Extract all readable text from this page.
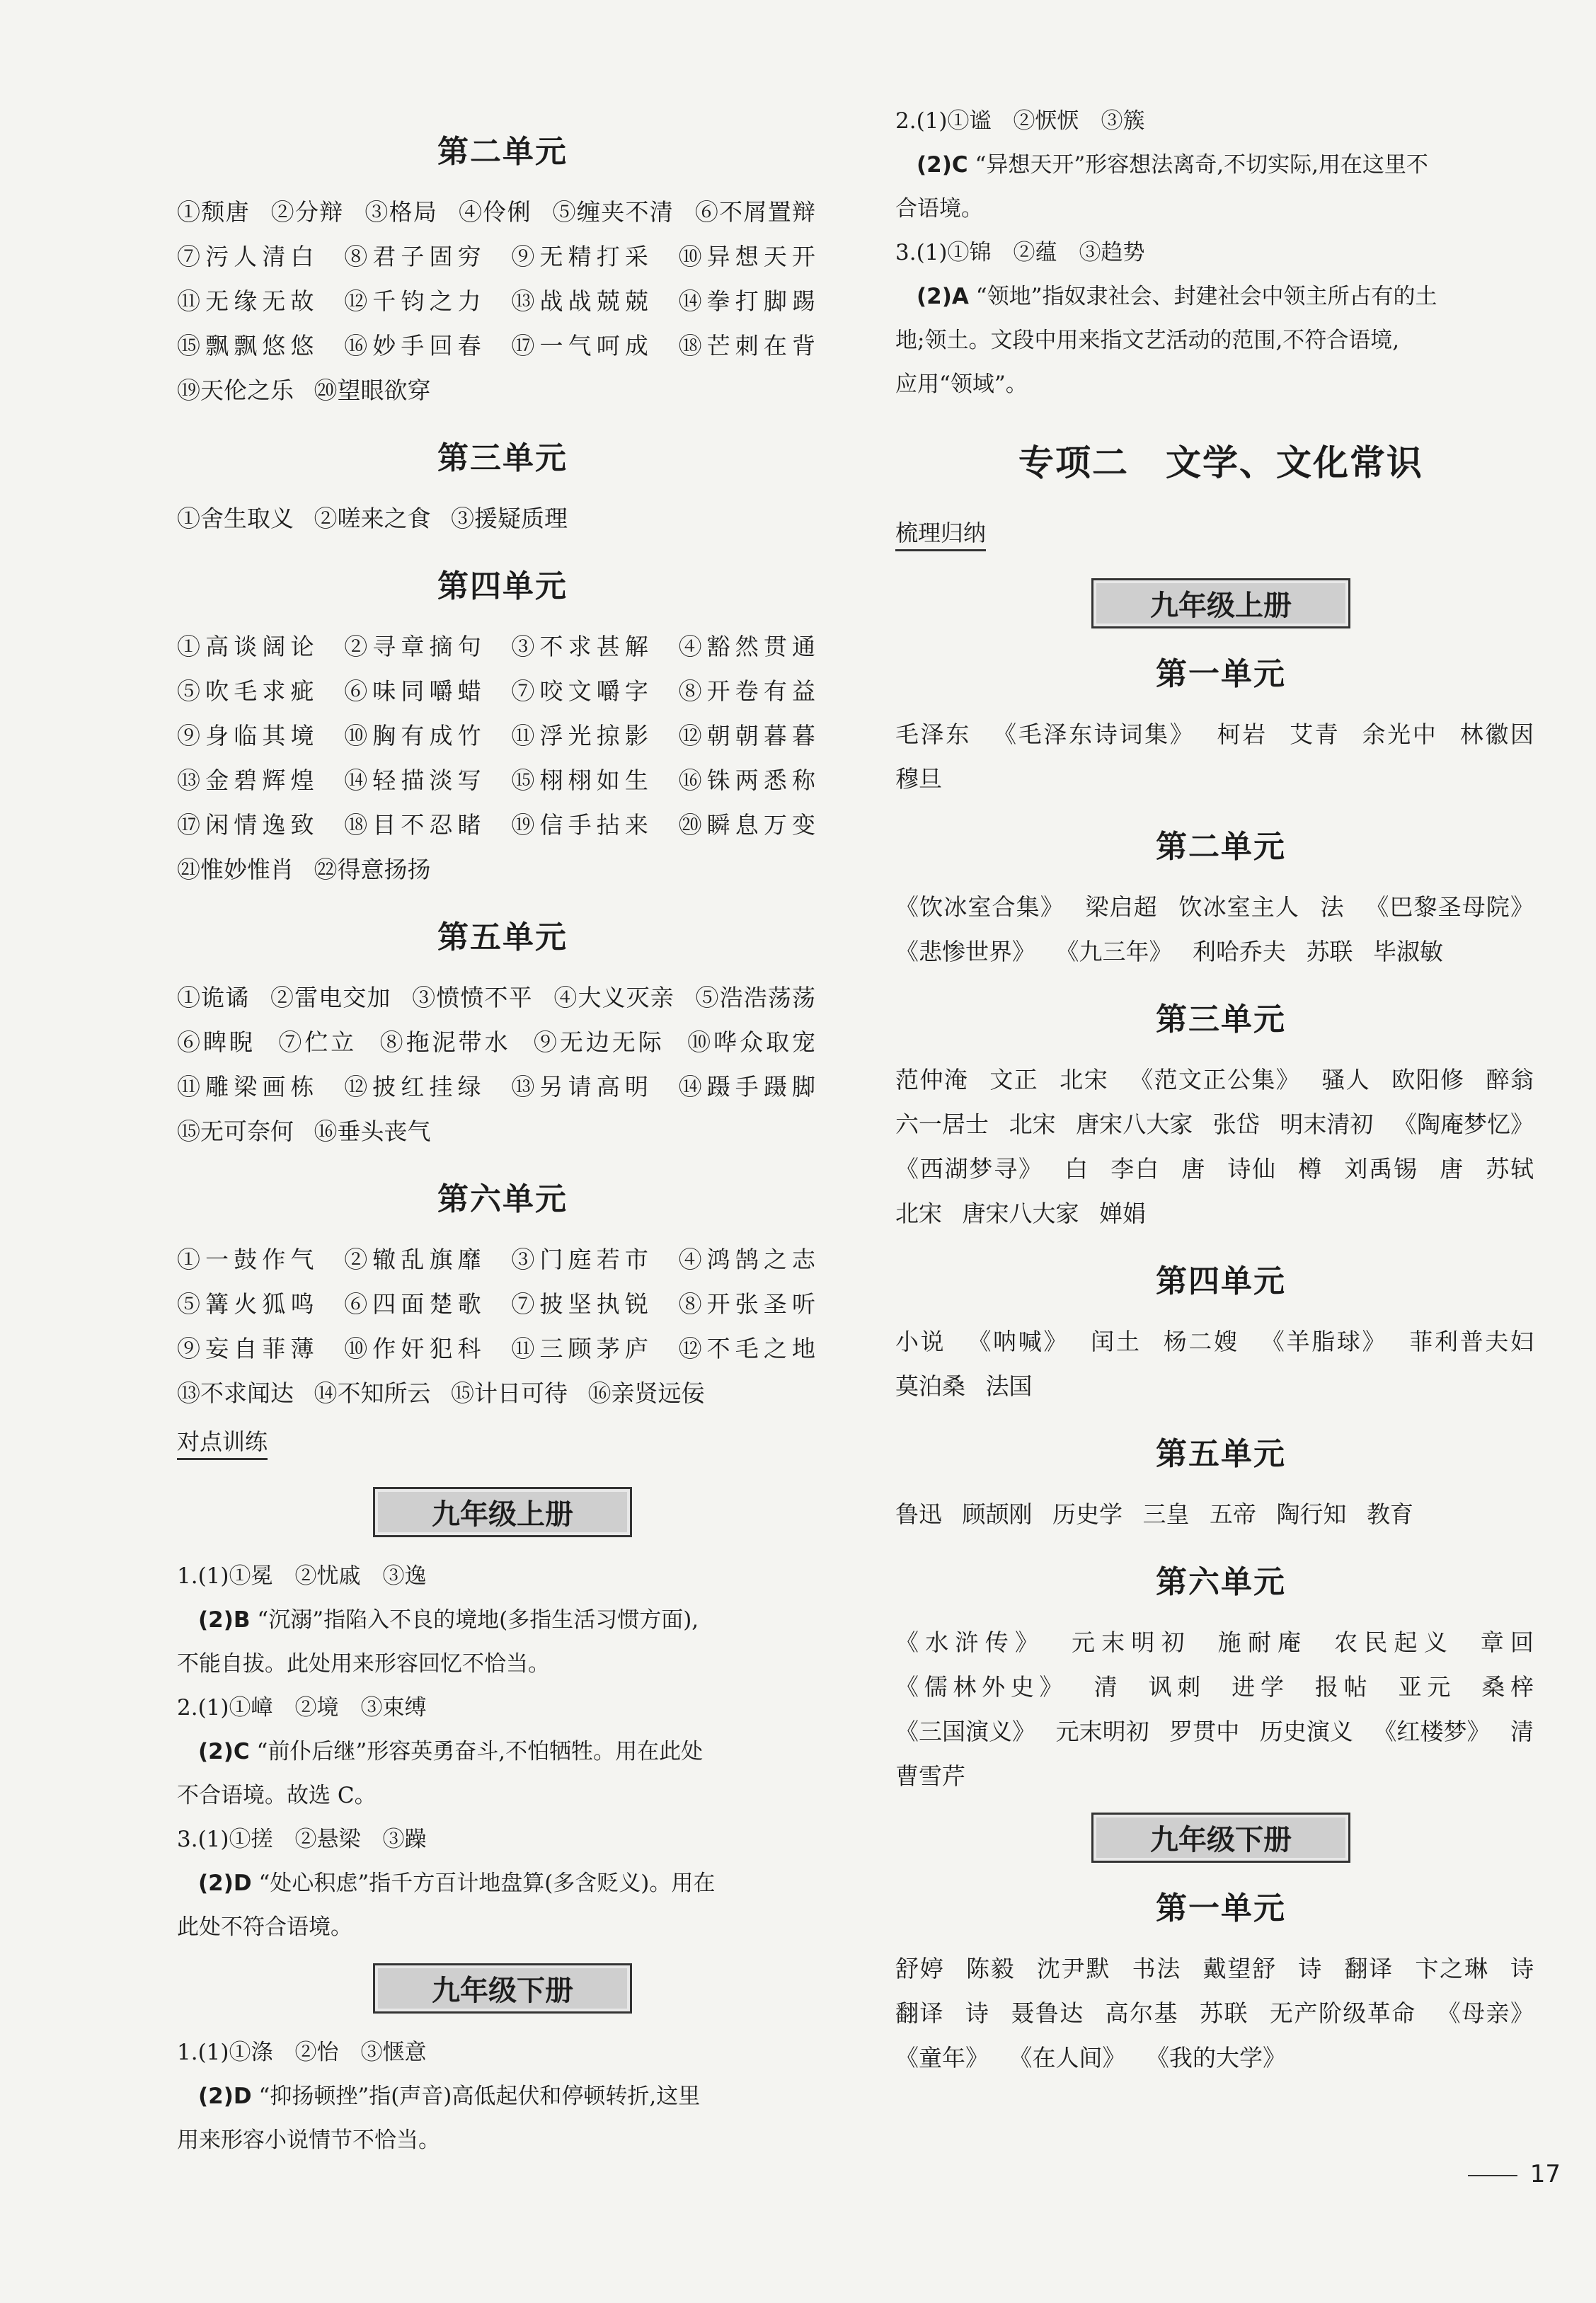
第二单元
①颓唐 ②分辩 ③格局 ④伶俐 ⑤缠夹不清 ⑥不屑置辩 ⑦污人清白 ⑧君子固穷 ⑨无精打采 ⑩异想天开 ⑪无缘无故 ⑫千钧之力 ⑬战战兢兢 ⑭拳打脚踢 ⑮飘飘悠悠 ⑯妙手回春 ⑰一气呵成 ⑱芒刺在背 ⑲天伦之乐 ⑳望眼欲穿
第三单元
①舍生取义 ②嗟来之食 ③援疑质理
第四单元
①高谈阔论 ②寻章摘句 ③不求甚解 ④豁然贯通 ⑤吹毛求疵 ⑥味同嚼蜡 ⑦咬文嚼字 ⑧开卷有益 ⑨身临其境 ⑩胸有成竹 ⑪浮光掠影 ⑫朝朝暮暮 ⑬金碧辉煌 ⑭轻描淡写 ⑮栩栩如生 ⑯铢两悉称 ⑰闲情逸致 ⑱目不忍睹 ⑲信手拈来 ⑳瞬息万变 ㉑惟妙惟肖 ㉒得意扬扬
第五单元
①诡谲 ②雷电交加 ③愤愤不平 ④大义灭亲 ⑤浩浩荡荡 ⑥睥睨 ⑦伫立 ⑧拖泥带水 ⑨无边无际 ⑩哗众取宠 ⑪雕梁画栋 ⑫披红挂绿 ⑬另请高明 ⑭蹑手蹑脚 ⑮无可奈何 ⑯垂头丧气
第六单元
①一鼓作气 ②辙乱旗靡 ③门庭若市 ④鸿鹄之志 ⑤篝火狐鸣 ⑥四面楚歌 ⑦披坚执锐 ⑧开张圣听 ⑨妄自菲薄 ⑩作奸犯科 ⑪三顾茅庐 ⑫不毛之地 ⑬不求闻达 ⑭不知所云 ⑮计日可待 ⑯亲贤远佞
对点训练
九年级上册
1.(1)①冕　②忧戚　③逸
(2)B “沉溺”指陷入不良的境地(多指生活习惯方面),
不能自拔。此处用来形容回忆不恰当。
2.(1)①嶂　②境　③束缚
(2)C “前仆后继”形容英勇奋斗,不怕牺牲。用在此处
不合语境。故选 C。
3.(1)①搓　②悬梁　③躁
(2)D “处心积虑”指千方百计地盘算(多含贬义)。用在
此处不符合语境。
九年级下册
1.(1)①涤　②怡　③惬意
(2)D “抑扬顿挫”指(声音)高低起伏和停顿转折,这里
用来形容小说情节不恰当。
2.(1)①谧　②恹恹　③簇
(2)C “异想天开”形容想法离奇,不切实际,用在这里不
合语境。
3.(1)①锦　②蕴　③趋势
(2)A “领地”指奴隶社会、封建社会中领主所占有的土
地;领土。文段中用来指文艺活动的范围,不符合语境,
应用“领域”。
专项二　文学、文化常识
梳理归纳
九年级上册
第一单元
毛泽东 《毛泽东诗词集》 柯岩 艾青 余光中 林徽因 穆旦
第二单元
《饮冰室合集》 梁启超 饮冰室主人 法 《巴黎圣母院》 《悲惨世界》 《九三年》 利哈乔夫 苏联 毕淑敏
第三单元
范仲淹 文正 北宋 《范文正公集》 骚人 欧阳修 醉翁 六一居士 北宋 唐宋八大家 张岱 明末清初 《陶庵梦忆》 《西湖梦寻》 白 李白 唐 诗仙 樽 刘禹锡 唐 苏轼 北宋 唐宋八大家 婵娟
第四单元
小说 《呐喊》 闰土 杨二嫂 《羊脂球》 菲利普夫妇 莫泊桑 法国
第五单元
鲁迅 顾颉刚 历史学 三皇 五帝 陶行知 教育
第六单元
《水浒传》 元末明初 施耐庵 农民起义 章回 《儒林外史》 清 讽刺 进学 报帖 亚元 桑梓 《三国演义》 元末明初 罗贯中 历史演义 《红楼梦》 清 曹雪芹
九年级下册
第一单元
舒婷 陈毅 沈尹默 书法 戴望舒 诗 翻译 卞之琳 诗 翻译 诗 聂鲁达 高尔基 苏联 无产阶级革命 《母亲》 《童年》 《在人间》 《我的大学》
17
